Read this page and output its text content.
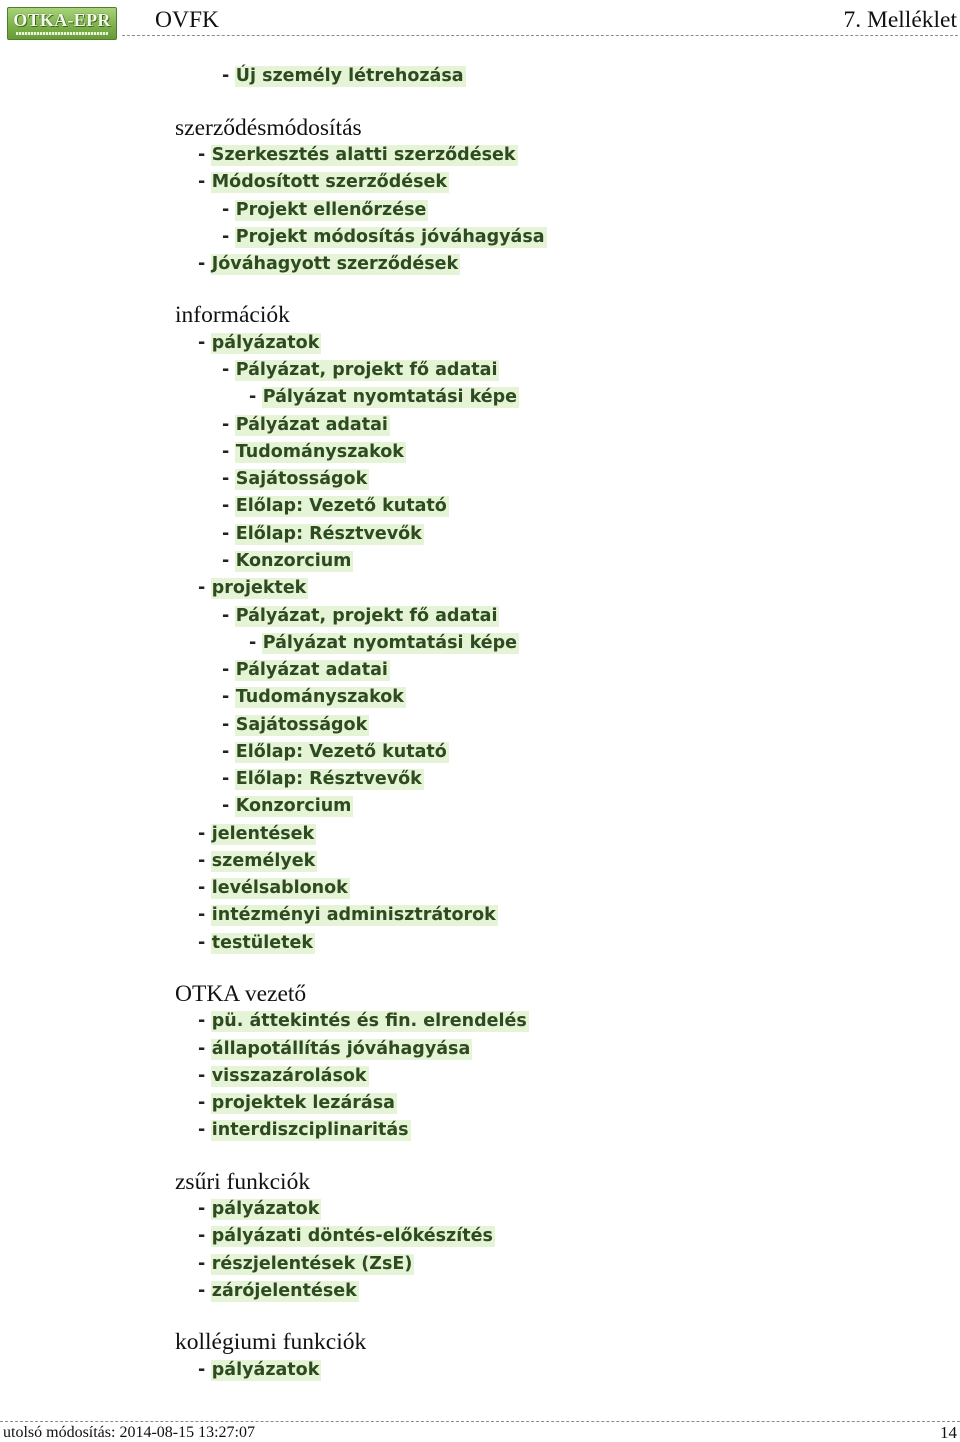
OTKA-EPR OVFK	7. Melléklet
- Új személy létrehozása
szerződésmódosítás
- Szerkesztés alatti szerződések
- Módosított szerződések
- Projekt ellenőrzése
- Projekt módosítás jóváhagyása
- Jóváhagyott szerződések
információk
- pályázatok
- Pályázat, projekt fő adatai
- Pályázat nyomtatási képe
- Pályázat adatai
- Tudományszakok
- Sajátosságok
- Előlap: Vezető kutató
- Előlap: Résztvevők
- Konzorcium
- projektek
- Pályázat, projekt fő adatai
- Pályázat nyomtatási képe
- Pályázat adatai
- Tudományszakok
- Sajátosságok
- Előlap: Vezető kutató
- Előlap: Résztvevők
- Konzorcium
- jelentések
- személyek
- levélsablonok
- intézményi adminisztrátorok
- testületek
OTKA vezető
- pü. áttekintés és fin. elrendelés
- állapotállítás jóváhagyása
- visszazárolások
- projektek lezárása
- interdiszciplinaritás
zsűri funkciók
- pályázatok
- pályázati döntés-előkészítés
- részjelentések (ZsE)
- zárójelentések
kollégiumi funkciók
- pályázatok
utolsó módosítás: 2014-08-15 13:27:07	14
